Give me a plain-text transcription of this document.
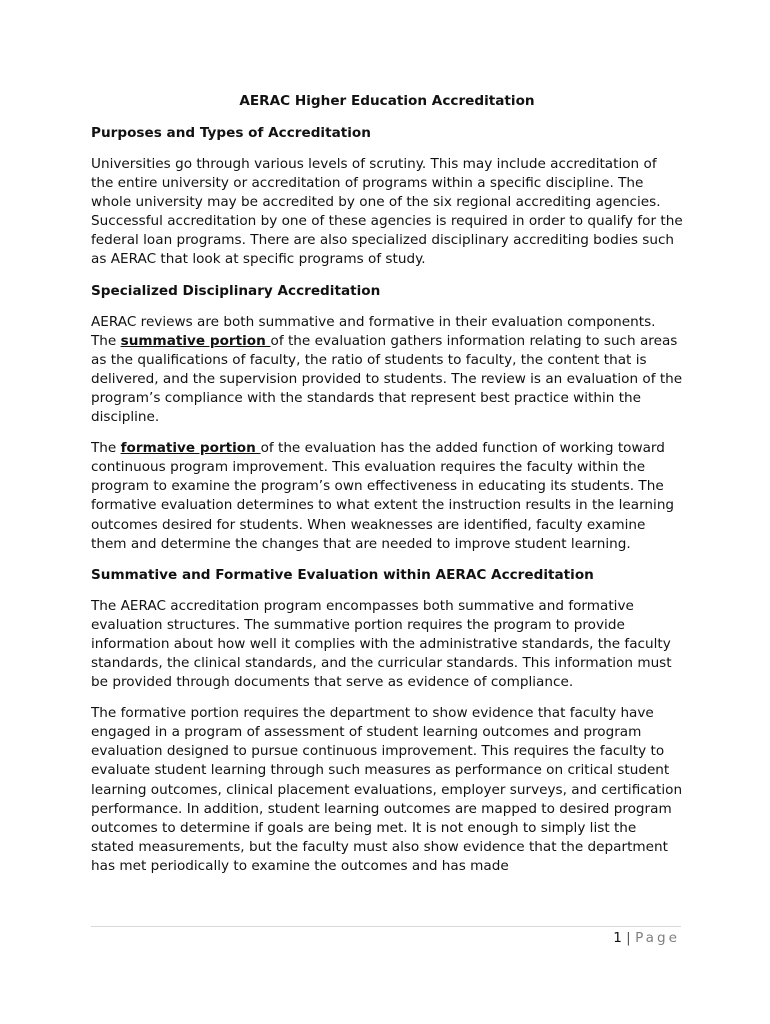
AERAC Higher Education Accreditation
Purposes and Types of Accreditation
Universities go through various levels of scrutiny. This may include accreditation of the entire university or accreditation of programs within a specific discipline. The whole university may be accredited by one of the six regional accrediting agencies. Successful accreditation by one of these agencies is required in order to qualify for the federal loan programs. There are also specialized disciplinary accrediting bodies such as AERAC that look at specific programs of study.
Specialized Disciplinary Accreditation
AERAC reviews are both summative and formative in their evaluation components. The summative portion of the evaluation gathers information relating to such areas as the qualifications of faculty, the ratio of students to faculty, the content that is delivered, and the supervision provided to students. The review is an evaluation of the program’s compliance with the standards that represent best practice within the discipline.
The formative portion of the evaluation has the added function of working toward continuous program improvement. This evaluation requires the faculty within the program to examine the program’s own effectiveness in educating its students. The formative evaluation determines to what extent the instruction results in the learning outcomes desired for students. When weaknesses are identified, faculty examine them and determine the changes that are needed to improve student learning.
Summative and Formative Evaluation within AERAC Accreditation
The AERAC accreditation program encompasses both summative and formative evaluation structures. The summative portion requires the program to provide information about how well it complies with the administrative standards, the faculty standards, the clinical standards, and the curricular standards. This information must be provided through documents that serve as evidence of compliance.
The formative portion requires the department to show evidence that faculty have engaged in a program of assessment of student learning outcomes and program evaluation designed to pursue continuous improvement. This requires the faculty to evaluate student learning through such measures as performance on critical student learning outcomes, clinical placement evaluations, employer surveys, and certification performance. In addition, student learning outcomes are mapped to desired program outcomes to determine if goals are being met. It is not enough to simply list the stated measurements, but the faculty must also show evidence that the department has met periodically to examine the outcomes and has made
1 | Page
